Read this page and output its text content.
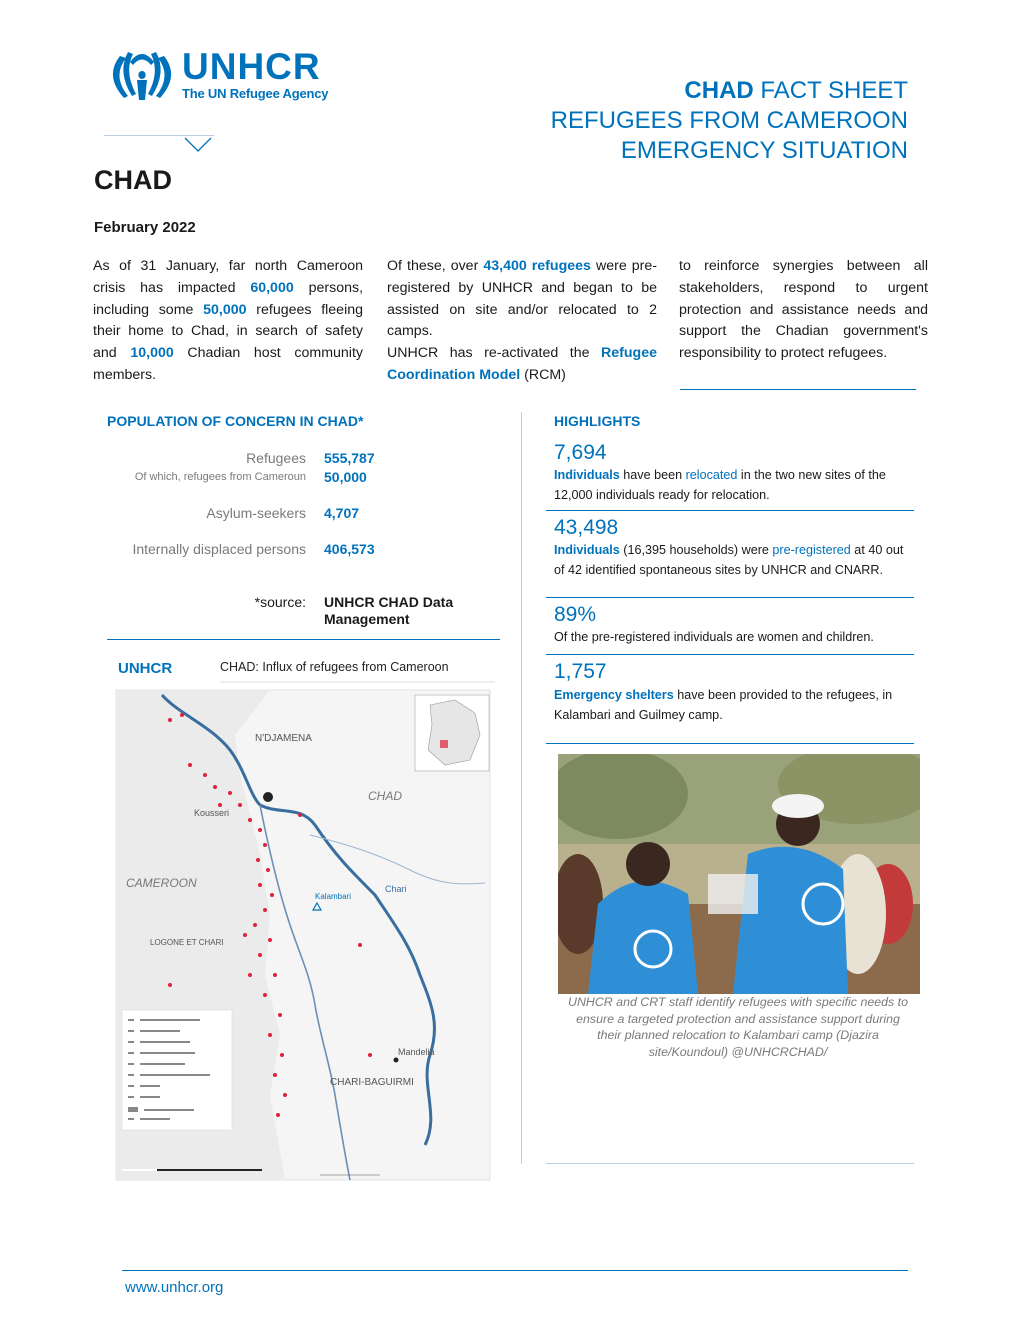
UNHCR
The UN Refugee Agency	CHAD FACT SHEET
REFUGEES FROM CAMEROON
EMERGENCY SITUATION
CHAD
February 2022
As of 31 January, far north Cameroon crisis has impacted 60,000 persons, including some 50,000 refugees fleeing their home to Chad, in search of safety and 10,000 Chadian host community members.
Of these, over 43,400 refugees were pre-registered by UNHCR and began to be assisted on site and/or relocated to 2 camps.
UNHCR has re-activated the Refugee Coordination Model (RCM)
to reinforce synergies between all stakeholders, respond to urgent protection and assistance needs and support the Chadian government's responsibility to protect refugees.
POPULATION OF CONCERN IN CHAD*
Refugees 555,787
Of which, refugees from Cameroun 50,000
Asylum-seekers 4,707
Internally displaced persons 406,573
*source: UNHCR CHAD Data Management
UNHCR	CHAD: Influx of refugees from Cameroon
N'DJAMENA
CHAD
CAMEROON
CHARI-BAGUIRMI
Kousseri
Mandelia
Kalambari
Chari
LOGONE ET CHARI
HIGHLIGHTS
7,694
Individuals have been relocated in the two new sites of the 12,000 individuals ready for relocation.
43,498
Individuals (16,395 households) were pre-registered at 40 out of 42 identified spontaneous sites by UNHCR and CNARR.
89%
Of the pre-registered individuals are women and children.
1,757
Emergency shelters have been provided to the refugees, in Kalambari and Guilmey camp.
UNHCR and CRT staff identify refugees with specific needs to ensure a targeted protection and assistance support during their planned relocation to Kalambari camp (Djazira site/Koundoul) @UNHCRCHAD/
www.unhcr.org
